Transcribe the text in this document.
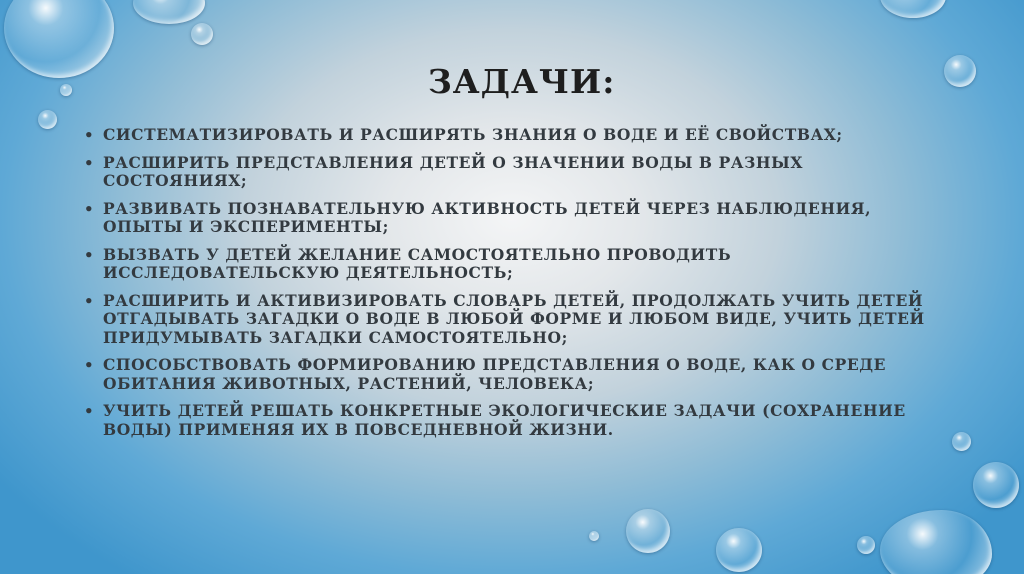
ЗАДАЧИ:
• СИСТЕМАТИЗИРОВАТЬ И РАСШИРЯТЬ ЗНАНИЯ О ВОДЕ И ЕЁ СВОЙСТВАХ;
• РАСШИРИТЬ ПРЕДСТАВЛЕНИЯ ДЕТЕЙ О ЗНАЧЕНИИ ВОДЫ В РАЗНЫХ СОСТОЯНИЯХ;
• РАЗВИВАТЬ ПОЗНАВАТЕЛЬНУЮ АКТИВНОСТЬ ДЕТЕЙ ЧЕРЕЗ НАБЛЮДЕНИЯ, ОПЫТЫ И ЭКСПЕРИМЕНТЫ;
• ВЫЗВАТЬ У ДЕТЕЙ ЖЕЛАНИЕ САМОСТОЯТЕЛЬНО ПРОВОДИТЬ ИССЛЕДОВАТЕЛЬСКУЮ ДЕЯТЕЛЬНОСТЬ;
• РАСШИРИТЬ И АКТИВИЗИРОВАТЬ СЛОВАРЬ ДЕТЕЙ, ПРОДОЛЖАТЬ УЧИТЬ ДЕТЕЙ ОТГАДЫВАТЬ ЗАГАДКИ О ВОДЕ В ЛЮБОЙ ФОРМЕ И ЛЮБОМ ВИДЕ, УЧИТЬ ДЕТЕЙ ПРИДУМЫВАТЬ ЗАГАДКИ САМОСТОЯТЕЛЬНО;
• СПОСОБСТВОВАТЬ ФОРМИРОВАНИЮ ПРЕДСТАВЛЕНИЯ О ВОДЕ, КАК О СРЕДЕ ОБИТАНИЯ ЖИВОТНЫХ, РАСТЕНИЙ, ЧЕЛОВЕКА;
• УЧИТЬ ДЕТЕЙ РЕШАТЬ КОНКРЕТНЫЕ ЭКОЛОГИЧЕСКИЕ ЗАДАЧИ (СОХРАНЕНИЕ ВОДЫ) ПРИМЕНЯЯ ИХ В ПОВСЕДНЕВНОЙ ЖИЗНИ.
